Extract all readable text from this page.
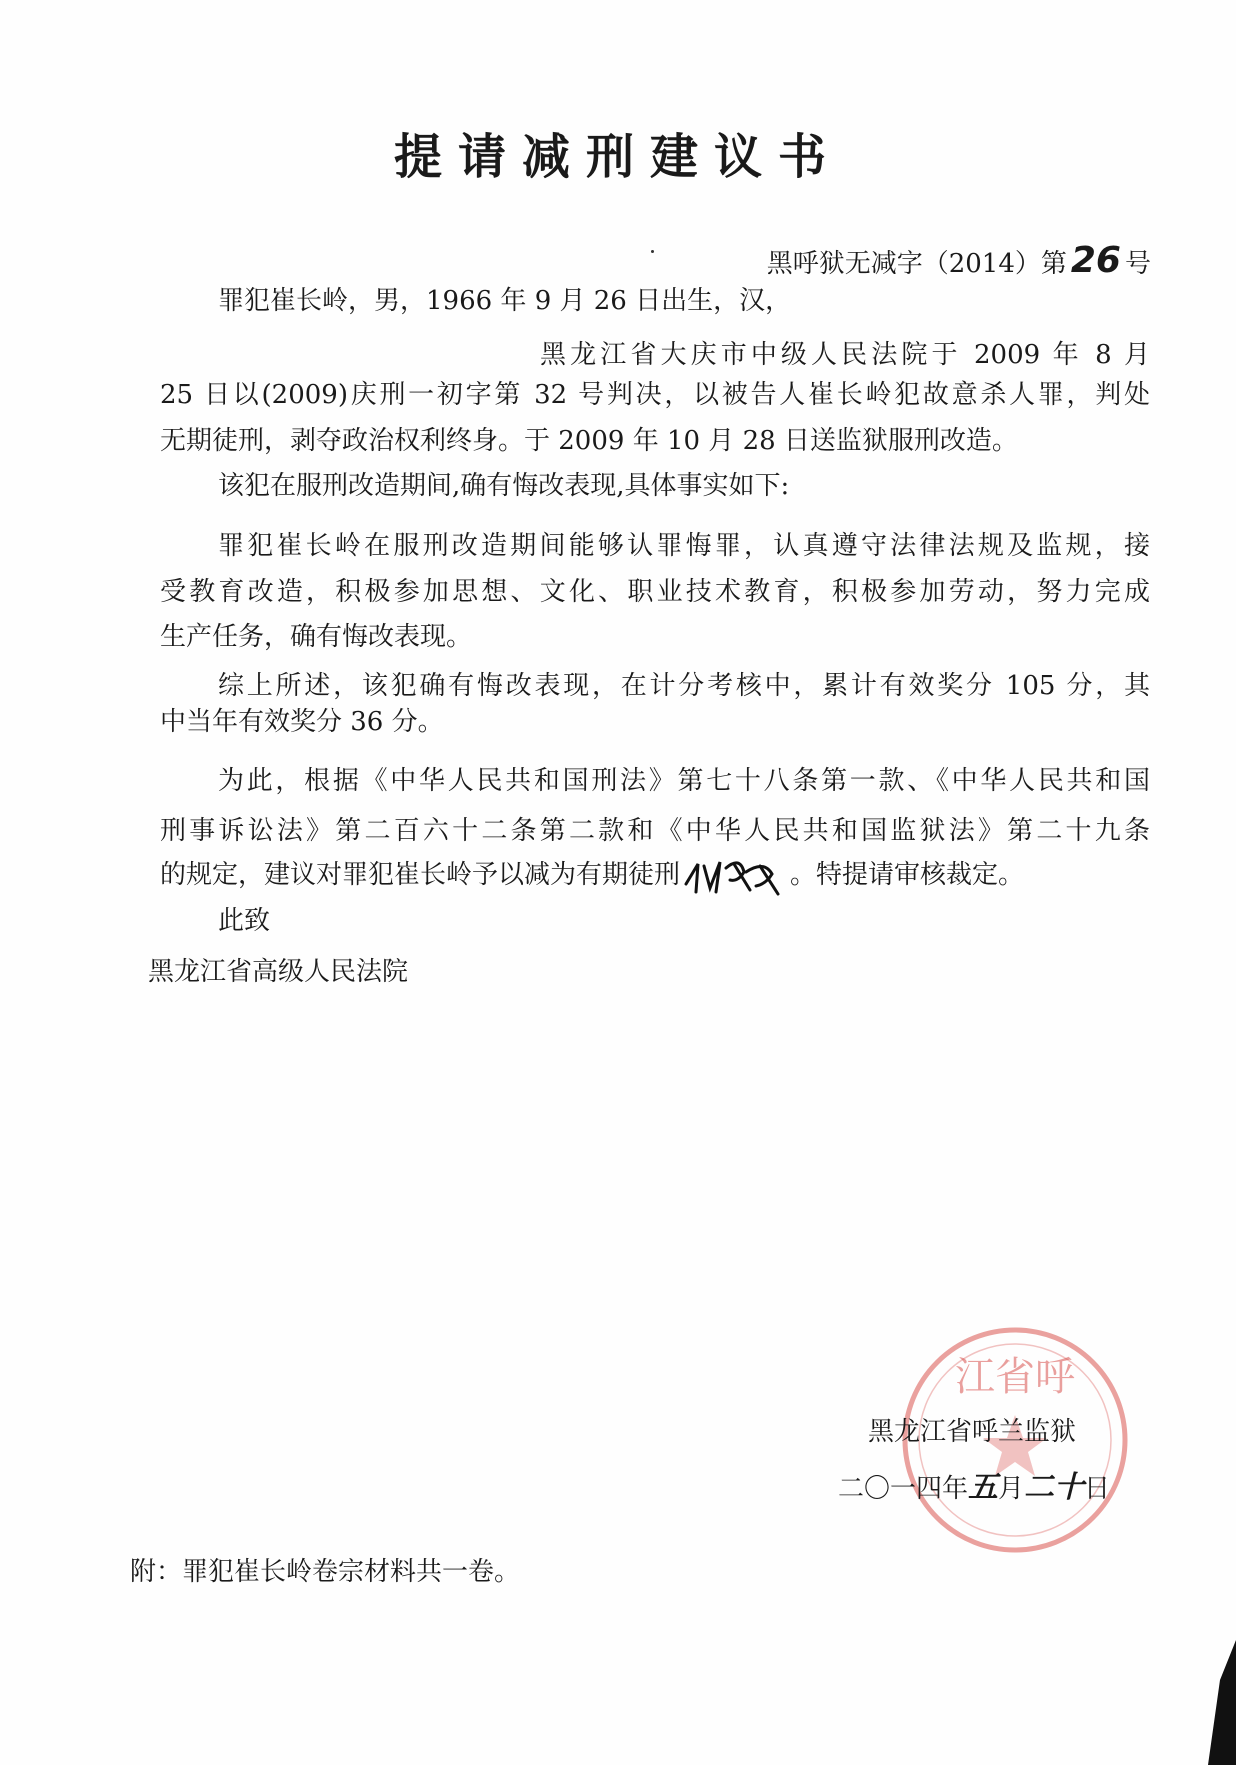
提请减刑建议书
黑呼狱无减字（2014）第 26 号
罪犯崔长岭，男，1966 年 9 月 26 日出生，汉，
黑龙江省大庆市中级人民法院于 2009 年 8 月
25 日以(2009)庆刑一初字第 32 号判决，以被告人崔长岭犯故意杀人罪，判处
无期徒刑，剥夺政治权利终身。于 2009 年 10 月 28 日送监狱服刑改造。
该犯在服刑改造期间,确有悔改表现,具体事实如下:
罪犯崔长岭在服刑改造期间能够认罪悔罪，认真遵守法律法规及监规，接
受教育改造，积极参加思想、文化、职业技术教育，积极参加劳动，努力完成
生产任务，确有悔改表现。
综上所述，该犯确有悔改表现，在计分考核中，累计有效奖分 105 分，其
中当年有效奖分 36 分。
为此，根据《中华人民共和国刑法》第七十八条第一款、《中华人民共和国
刑事诉讼法》第二百六十二条第二款和《中华人民共和国监狱法》第二十九条
的规定，建议对罪犯崔长岭予以减为有期徒刑	。特提请审核裁定。
此致
黑龙江省高级人民法院
江省呼
黑龙江省呼兰监狱
二〇一四年五月二十日
附：罪犯崔长岭卷宗材料共一卷。
